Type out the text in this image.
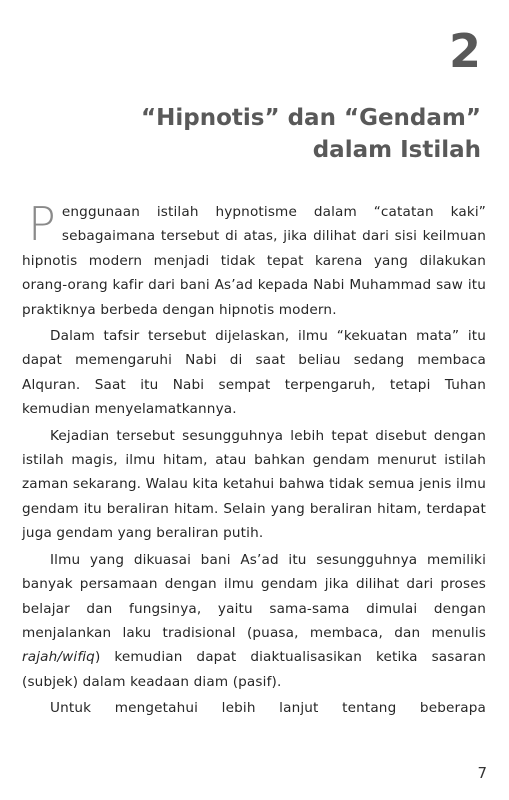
2
“Hipnotis” dan “Gendam”
dalam Istilah

Penggunaan istilah hypnotisme dalam “catatan kaki” sebagaimana tersebut di atas, jika dilihat dari sisi keilmuan hipnotis modern menjadi tidak tepat karena yang dilakukan orang-orang kafir dari bani As’ad kepada Nabi Muhammad saw itu praktiknya berbeda dengan hipnotis modern.

Dalam tafsir tersebut dijelaskan, ilmu “kekuatan mata” itu dapat memengaruhi Nabi di saat beliau sedang membaca Alquran. Saat itu Nabi sempat terpengaruh, tetapi Tuhan kemudian menyelamatkannya.

Kejadian tersebut sesungguhnya lebih tepat disebut dengan istilah magis, ilmu hitam, atau bahkan gendam menurut istilah zaman sekarang. Walau kita ketahui bahwa tidak semua jenis ilmu gendam itu beraliran hitam. Selain yang beraliran hitam, terdapat juga gendam yang beraliran putih.

Ilmu yang dikuasai bani As’ad itu sesungguhnya memiliki banyak persamaan dengan ilmu gendam jika dilihat dari proses belajar dan fungsinya, yaitu sama-sama dimulai dengan menjalankan laku tradisional (puasa, membaca, dan menulis rajah/wifiq) kemudian dapat diaktualisasikan ketika sasaran (subjek) dalam keadaan diam (pasif).

Untuk mengetahui lebih lanjut tentang beberapa

7
